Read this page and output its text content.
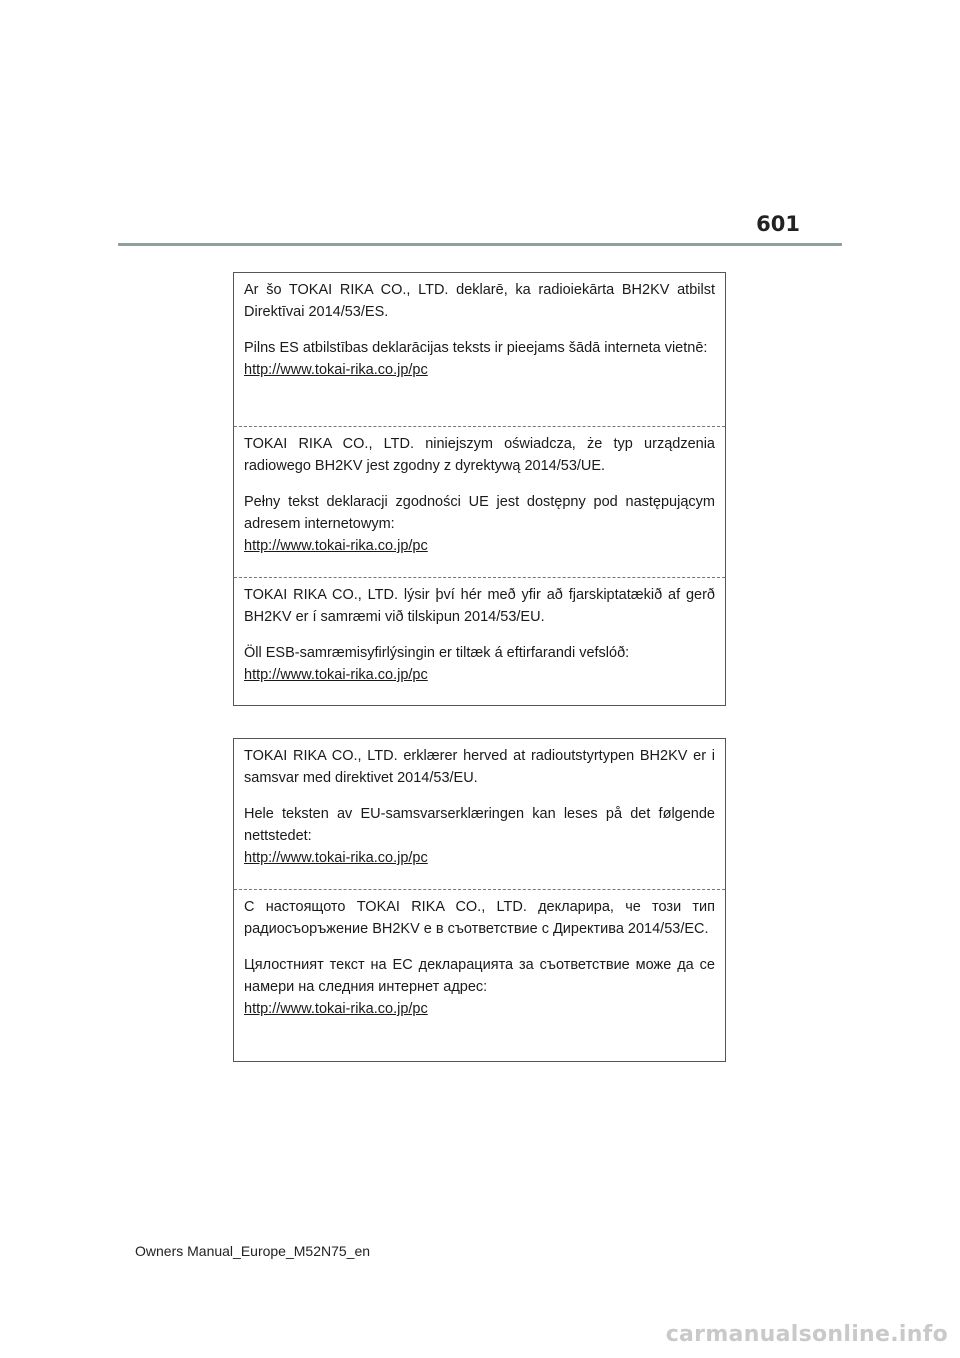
601

Ar šo TOKAI RIKA CO., LTD. deklarē, ka radioiekārta BH2KV atbilst Direktīvai 2014/53/ES.

Pilns ES atbilstības deklarācijas teksts ir pieejams šādā interneta vietnē:

http://www.tokai-rika.co.jp/pc

TOKAI RIKA CO., LTD. niniejszym oświadcza, że typ urządzenia radiowego BH2KV jest zgodny z dyrektywą 2014/53/UE.

Pełny tekst deklaracji zgodności UE jest dostępny pod następującym adresem internetowym:

http://www.tokai-rika.co.jp/pc

TOKAI RIKA CO., LTD. lýsir því hér með yfir að fjarskiptatækið af gerð BH2KV er í samræmi við tilskipun 2014/53/EU.

Öll ESB-samræmisyfirlýsingin er tiltæk á eftirfarandi vefslóð:

http://www.tokai-rika.co.jp/pc

TOKAI RIKA CO., LTD. erklærer herved at radioutstyrtypen BH2KV er i samsvar med direktivet 2014/53/EU.

Hele teksten av EU-samsvarserklæringen kan leses på det følgende nettstedet:

http://www.tokai-rika.co.jp/pc

С настоящото TOKAI RIKA CO., LTD. декларира, че този тип радиосъоръжение BH2KV е в съответствие с Директива 2014/53/ЕС.

Цялостният текст на ЕС декларацията за съответствие може да се намери на следния интернет адрес:

http://www.tokai-rika.co.jp/pc
Owners Manual_Europe_M52N75_en
carmanualsonline.info
